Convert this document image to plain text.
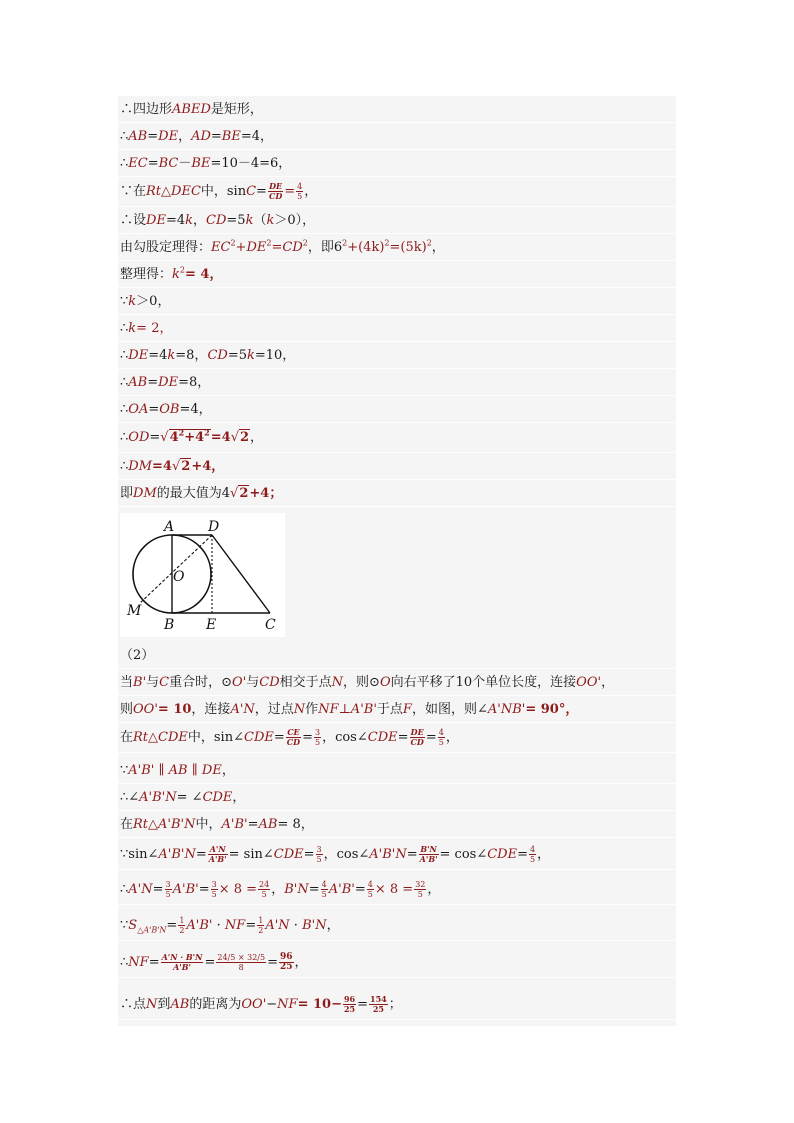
∴四边形ABED是矩形，
∴AB=DE，AD=BE=4，
∴EC=BC－BE=10－4=6，
∵在Rt△DEC中，$\sin C= \frac{DE}{CD} = \frac{4}{5}$ ，
∴设DE=4k，CD=5k（k＞0），
由勾股定理得：$EC^2+DE^2=CD^2$，即$6^2+(4k)^2=(5k)^2$，
整理得：$k^2= 4$，
∵k＞0，
∴k= 2，
∴DE=4k=8，CD=5k=10，
∴AB=DE=8，
∴OA=OB=4，
$\therefore OD=√4^2+4^2=4√2$，
∴DM=4√2+4，
即DM的最大值为4√2+4；
A D
O
M
B E	C
（2）
当B'与C重合时，⊙O'与CD相交于点N，则⊙O向右平移了10个单位长度，连接OO'，
则OO'= 10，连接A'N，过点N作NF⊥A'B'于点F，如图，则∠A'NB'= 90°，
在Rt△CDE中，sin∠CDE= $\frac{CE}{CD} = \frac{3}{5}$ ，cos∠CDE= $\frac{DE}{CD} = \frac{4}{5}$ ，
∵A'B' ∥ AB ∥ DE，
∴∠A'B'N= ∠CDE，
在Rt△A'B'N中，A'B'=AB= 8，
∵sin∠A'B'N= $\frac{A'N}{A'B'}$ = sin∠CDE= $\frac{3}{5}$ ，cos∠A'B'N= $\frac{B'N}{A'B'}$ = cos∠CDE= $\frac{4}{5}$ ，
∴A'N= $\frac{3}{5} A'B'= \frac{3}{5} \times 8 = \frac{24}{5}$ ，$B'N= \frac{4}{5} A'B'= \frac{4}{5} \times 8 = \frac{32}{5}$ ，
$\because S_{\triangle A'B'N}= \frac{1}{2} A'B' \cdot NF= \frac{1}{2} A'N \cdot B'N$，
∴NF= $\frac{A'N \cdot B'N}{A'B'} = \frac{24/5 \times 32/5}{8} = \frac{96}{25}$ ，
∴点N到AB的距离为$OO'-NF= 10- \frac{96}{25} = \frac{154}{25}$ ；
